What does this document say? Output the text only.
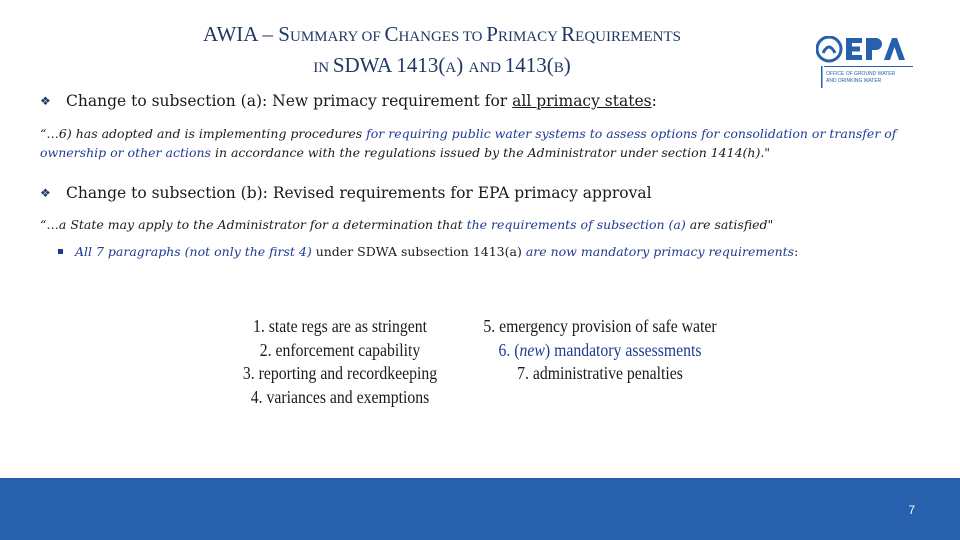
AWIA – SUMMARY OF CHANGES TO PRIMACY REQUIREMENTS
IN SDWA 1413(A) AND 1413(B)	OFFICE OF GROUND WATER
AND DRINKING WATER
❖ Change to subsection (a): New primacy requirement for all primacy states:
“…6) has adopted and is implementing procedures for requiring public water systems to assess options for consolidation or transfer of ownership or other actions in accordance with the regulations issued by the Administrator under section 1414(h)."
❖ Change to subsection (b): Revised requirements for EPA primacy approval
“…a State may apply to the Administrator for a determination that the requirements of subsection (a) are satisfied"
All 7 paragraphs (not only the first 4) under SDWA subsection 1413(a) are now mandatory primacy requirements:
1. state regs are as stringent
2. enforcement capability
3. reporting and recordkeeping
4. variances and exemptions
5. emergency provision of safe water
6. (new) mandatory assessments
7. administrative penalties
7
